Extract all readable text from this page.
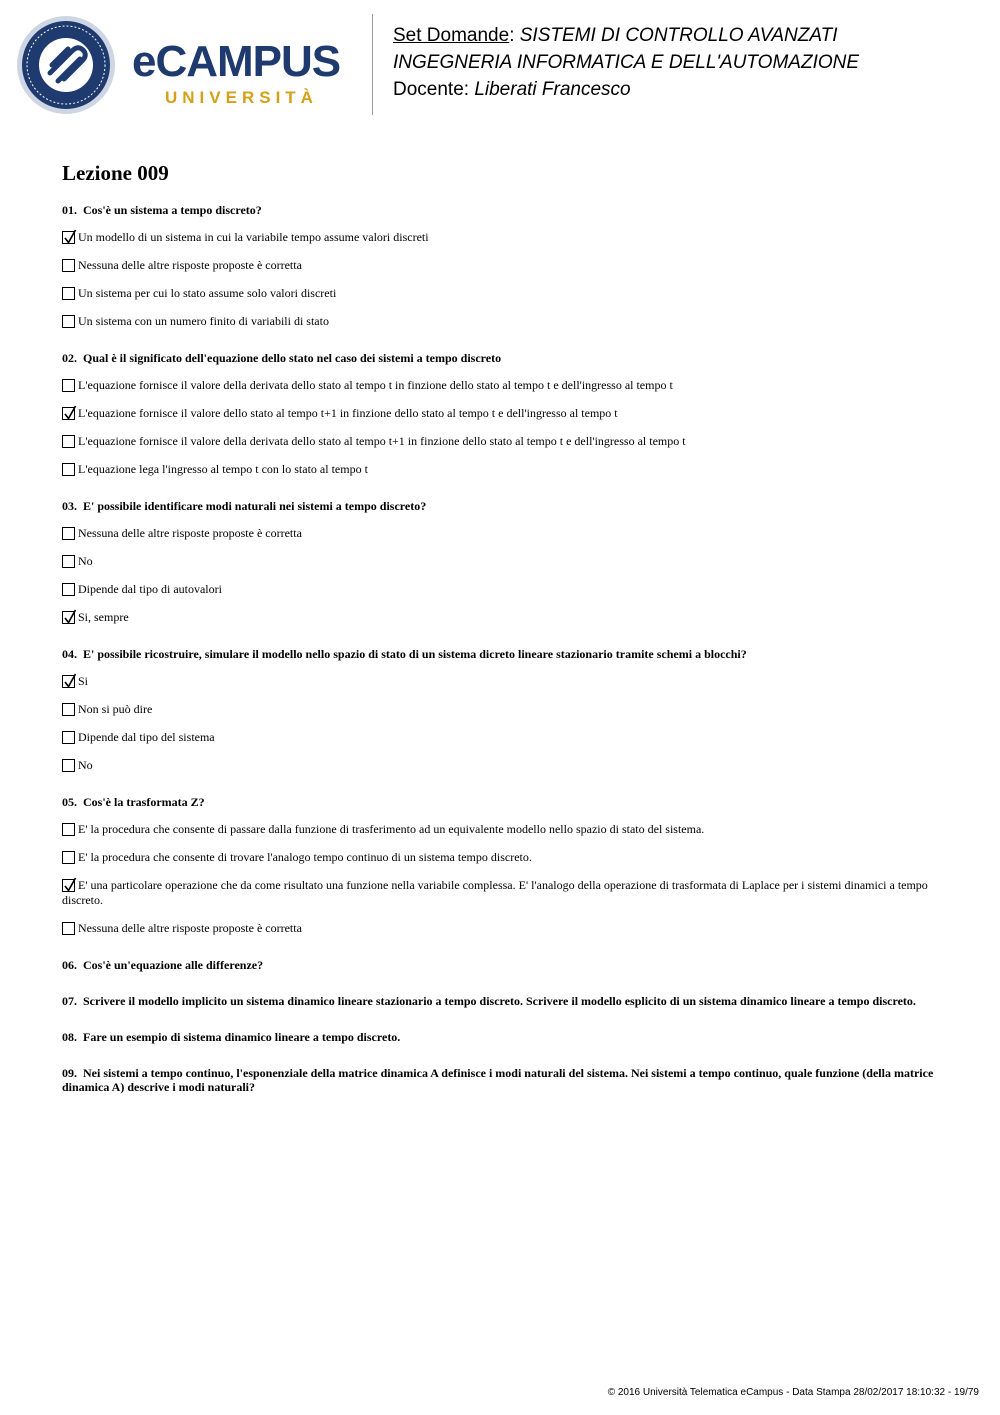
eCAMPUS
UNIVERSITÀ
Set Domande: SISTEMI DI CONTROLLO AVANZATI
INGEGNERIA INFORMATICA E DELL'AUTOMAZIONE
Docente: Liberati Francesco
Lezione 009
01. Cos'è un sistema a tempo discreto?
Un modello di un sistema in cui la variabile tempo assume valori discreti
Nessuna delle altre risposte proposte è corretta
Un sistema per cui lo stato assume solo valori discreti
Un sistema con un numero finito di variabili di stato
02. Qual è il significato dell'equazione dello stato nel caso dei sistemi a tempo discreto
L'equazione fornisce il valore della derivata dello stato al tempo t in finzione dello stato al tempo t e dell'ingresso al tempo t
L'equazione fornisce il valore dello stato al tempo t+1 in finzione dello stato al tempo t e dell'ingresso al tempo t
L'equazione fornisce il valore della derivata dello stato al tempo t+1 in finzione dello stato al tempo t e dell'ingresso al tempo t
L'equazione lega l'ingresso al tempo t con lo stato al tempo t
03. E' possibile identificare modi naturali nei sistemi a tempo discreto?
Nessuna delle altre risposte proposte è corretta
No
Dipende dal tipo di autovalori
Si, sempre
04. E' possibile ricostruire, simulare il modello nello spazio di stato di un sistema dicreto lineare stazionario tramite schemi a blocchi?
Si
Non si può dire
Dipende dal tipo del sistema
No
05. Cos'è la trasformata Z?
E' la procedura che consente di passare dalla funzione di trasferimento ad un equivalente modello nello spazio di stato del sistema.
E' la procedura che consente di trovare l'analogo tempo continuo di un sistema tempo discreto.
E' una particolare operazione che da come risultato una funzione nella variabile complessa. E' l'analogo della operazione di trasformata di Laplace per i sistemi dinamici a tempo discreto.
Nessuna delle altre risposte proposte è corretta
06. Cos'è un'equazione alle differenze?
07. Scrivere il modello implicito un sistema dinamico lineare stazionario a tempo discreto. Scrivere il modello esplicito di un sistema dinamico lineare a tempo discreto.
08. Fare un esempio di sistema dinamico lineare a tempo discreto.
09. Nei sistemi a tempo continuo, l'esponenziale della matrice dinamica A definisce i modi naturali del sistema. Nei sistemi a tempo continuo, quale funzione (della matrice dinamica A) descrive i modi naturali?
© 2016 Università Telematica eCampus - Data Stampa 28/02/2017 18:10:32 - 19/79
